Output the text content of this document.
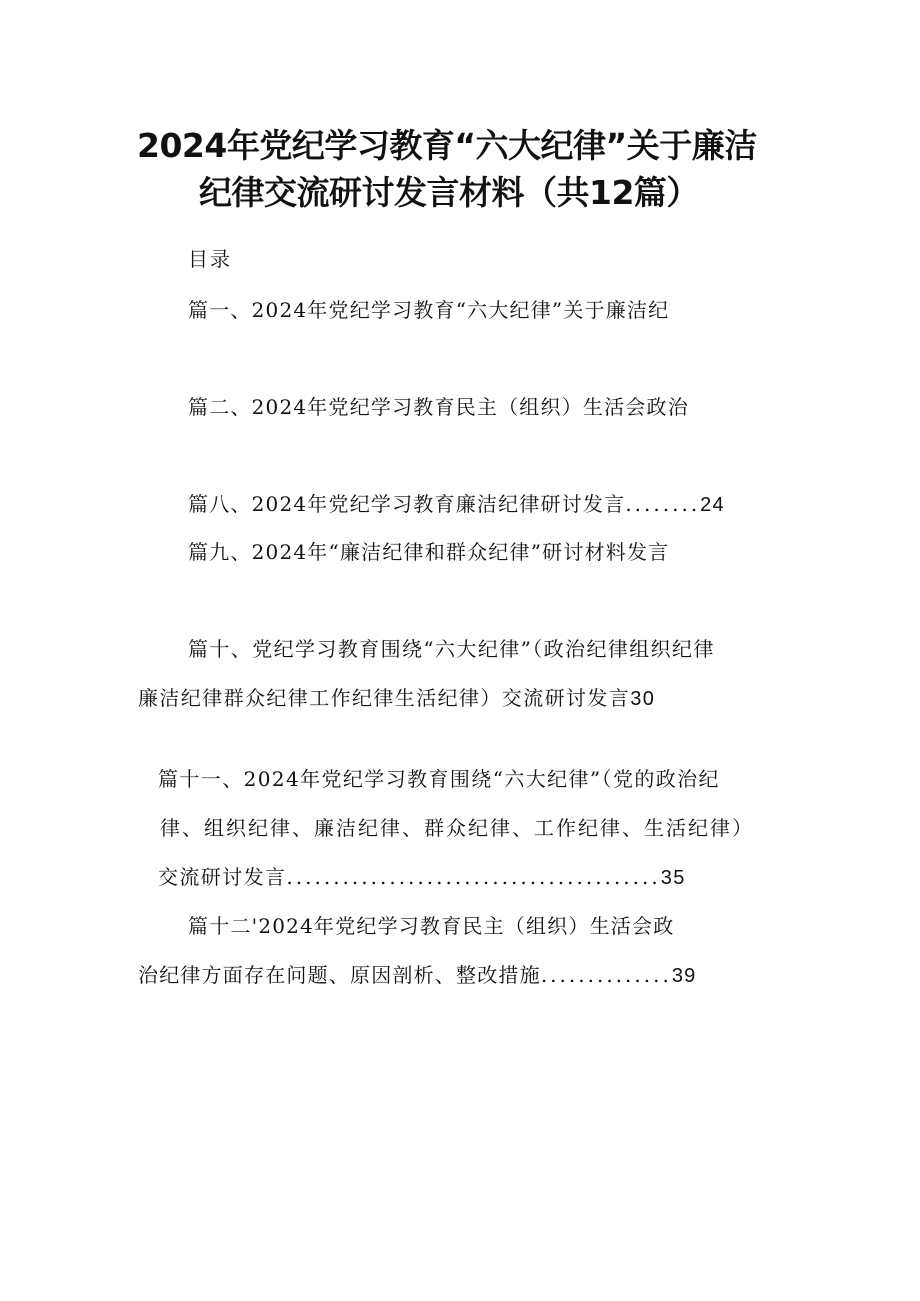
2024年党纪学习教育“六大纪律”关于廉洁
纪律交流研讨发言材料（共12篇）
目录
篇一、2024年党纪学习教育“六大纪律”关于廉洁纪
篇二、2024年党纪学习教育民主（组织）生活会政治
篇八、2024年党纪学习教育廉洁纪律研讨发言........24
篇九、2024年“廉洁纪律和群众纪律”研讨材料发言
篇十、党纪学习教育围绕“六大纪律”（政治纪律组织纪律
廉洁纪律群众纪律工作纪律生活纪律）交流研讨发言30
篇十一、2024年党纪学习教育围绕“六大纪律”（党的政治纪
律、组织纪律、廉洁纪律、群众纪律、工作纪律、生活纪律）
交流研讨发言........................................35
篇十二'2024年党纪学习教育民主（组织）生活会政
治纪律方面存在问题、原因剖析、整改措施..............39
